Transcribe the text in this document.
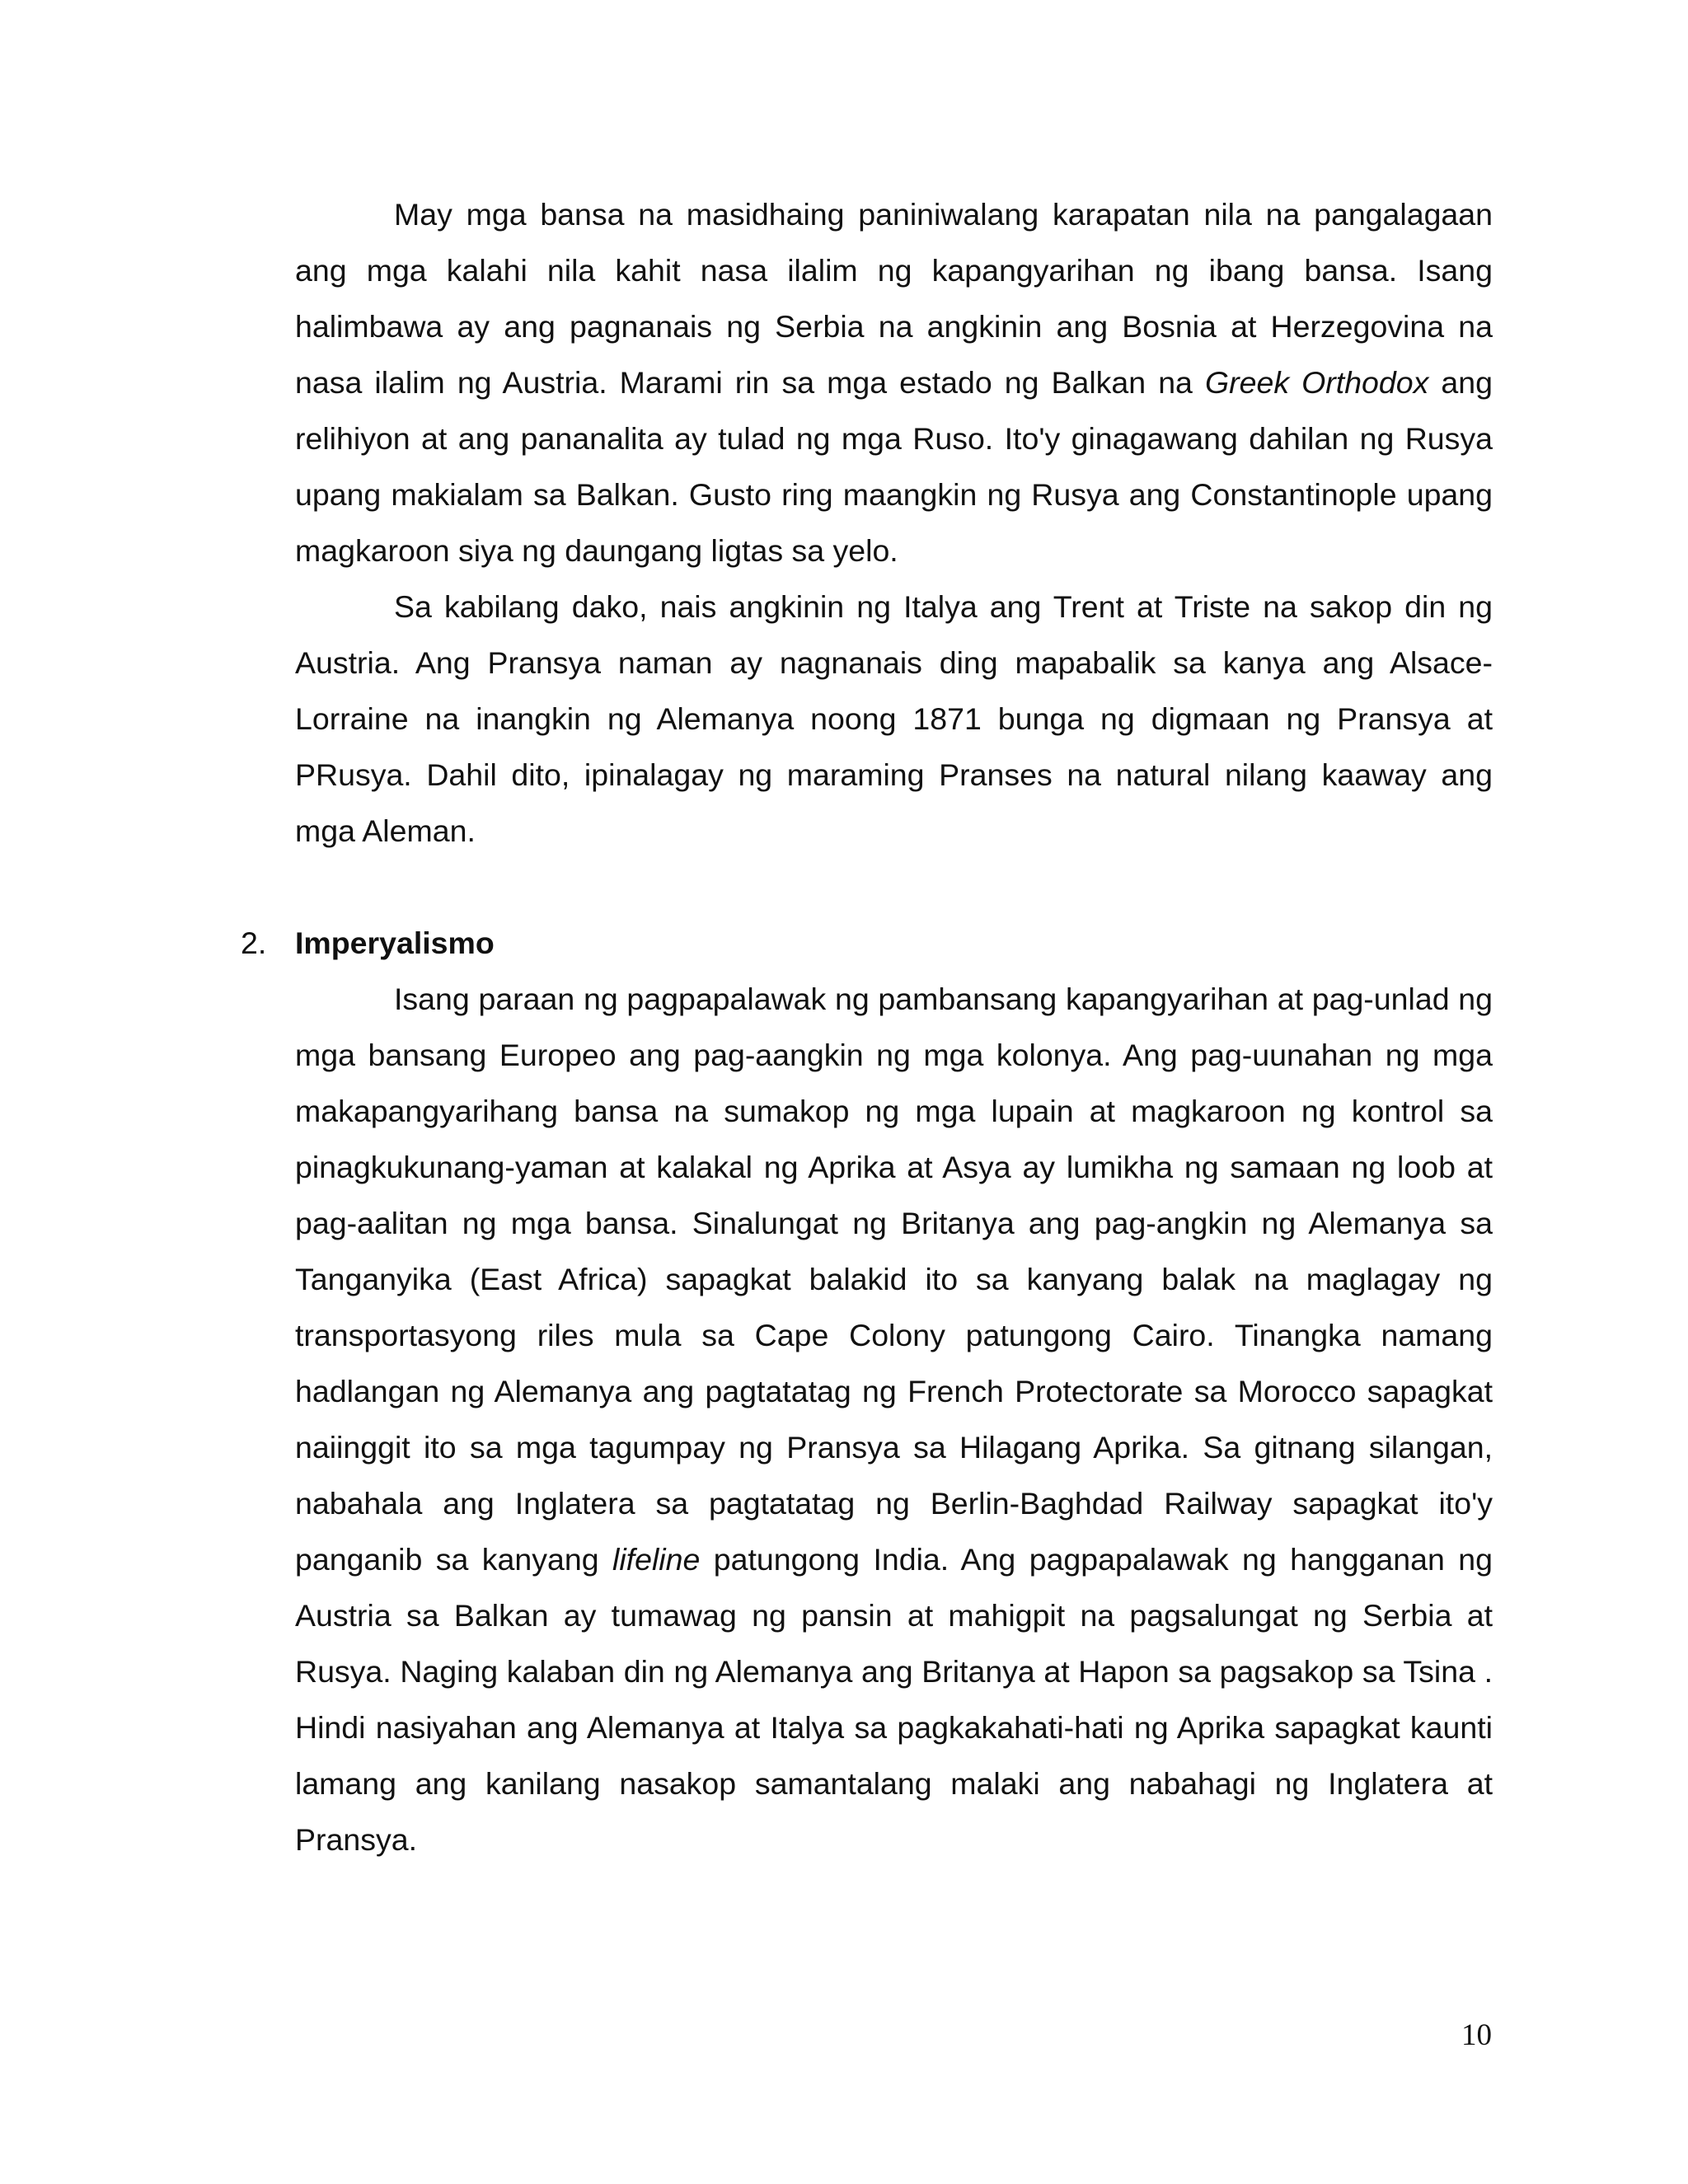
May mga bansa na masidhaing paniniwalang karapatan nila na pangalagaan ang mga kalahi nila kahit nasa ilalim ng kapangyarihan ng ibang bansa. Isang halimbawa ay ang pagnanais ng Serbia na angkinin ang Bosnia at Herzegovina na nasa ilalim ng Austria. Marami rin sa mga estado ng Balkan na Greek Orthodox ang relihiyon at ang pananalita ay tulad ng mga Ruso. Ito'y ginagawang dahilan ng Rusya upang makialam sa Balkan. Gusto ring maangkin ng Rusya ang Constantinople upang magkaroon siya ng daungang ligtas sa yelo.

Sa kabilang dako, nais angkinin ng Italya ang Trent at Triste na sakop din ng Austria. Ang Pransya naman ay nagnanais ding mapabalik sa kanya ang Alsace-Lorraine na inangkin ng Alemanya noong 1871 bunga ng digmaan ng Pransya at PRusya. Dahil dito, ipinalagay ng maraming Pranses na natural nilang kaaway ang mga Aleman.

2. Imperyalismo

Isang paraan ng pagpapalawak ng pambansang kapangyarihan at pag-unlad ng mga bansang Europeo ang pag-aangkin ng mga kolonya. Ang pag-uunahan ng mga makapangyarihang bansa na sumakop ng mga lupain at magkaroon ng kontrol sa pinagkukunang-yaman at kalakal ng Aprika at Asya ay lumikha ng samaan ng loob at pag-aalitan ng mga bansa. Sinalungat ng Britanya ang pag-angkin ng Alemanya sa Tanganyika (East Africa) sapagkat balakid ito sa kanyang balak na maglagay ng transportasyong riles mula sa Cape Colony patungong Cairo. Tinangka namang hadlangan ng Alemanya ang pagtatatag ng French Protectorate sa Morocco sapagkat naiinggit ito sa mga tagumpay ng Pransya sa Hilagang Aprika. Sa gitnang silangan, nabahala ang Inglatera sa pagtatatag ng Berlin-Baghdad Railway sapagkat ito'y panganib sa kanyang lifeline patungong India. Ang pagpapalawak ng hangganan ng Austria sa Balkan ay tumawag ng pansin at mahigpit na pagsalungat ng Serbia at Rusya. Naging kalaban din ng Alemanya ang Britanya at Hapon sa pagsakop sa Tsina . Hindi nasiyahan ang Alemanya at Italya sa pagkakahati-hati ng Aprika sapagkat kaunti lamang ang kanilang nasakop samantalang malaki ang nabahagi ng Inglatera at Pransya.

10
